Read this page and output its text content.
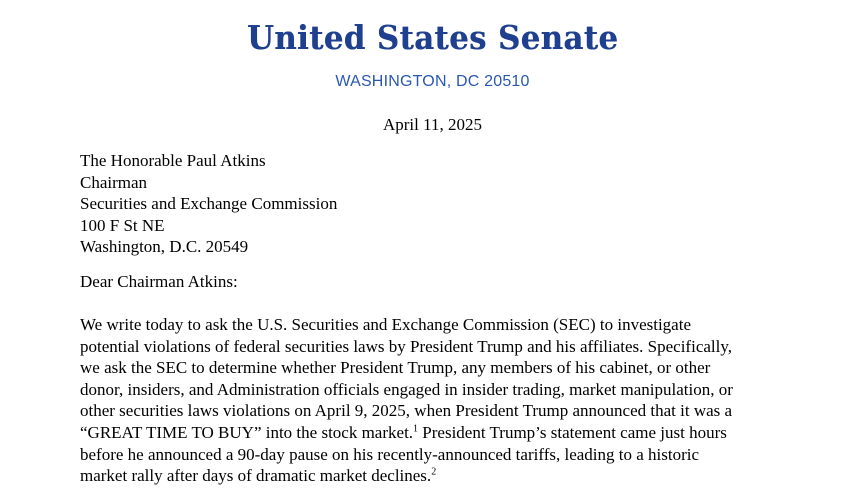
United States Senate
WASHINGTON, DC 20510
April 11, 2025
The Honorable Paul Atkins
Chairman
Securities and Exchange Commission
100 F St NE
Washington, D.C. 20549
Dear Chairman Atkins:
We write today to ask the U.S. Securities and Exchange Commission (SEC) to investigate
potential violations of federal securities laws by President Trump and his affiliates. Specifically,
we ask the SEC to determine whether President Trump, any members of his cabinet, or other
donor, insiders, and Administration officials engaged in insider trading, market manipulation, or
other securities laws violations on April 9, 2025, when President Trump announced that it was a
“GREAT TIME TO BUY” into the stock market.$^1$ President Trump’s statement came just hours
before he announced a 90-day pause on his recently-announced tariffs, leading to a historic
market rally after days of dramatic market declines.$^2$
